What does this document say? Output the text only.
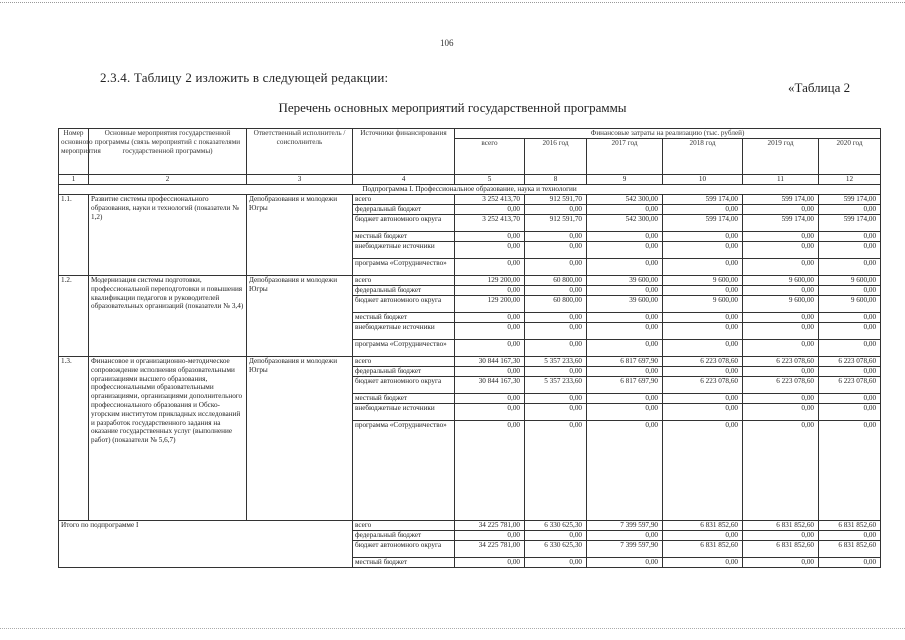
106
2.3.4. Таблицу 2 изложить в следующей редакции:
«Таблица 2
Перечень основных мероприятий государственной программы
Номер основного мероприятия	Основные мероприятия государственной программы (связь мероприятий с показателями государственной программы)	Ответственный исполнитель / соисполнитель	Источники финансирования	Финансовые затраты на реализацию (тыс. рублей)					
				всего	2016 год	2017 год	2018 год	2019 год	2020 год
1	2	3	4	5	8	9	10	11	12
Подпрограмма I. Профессиональное образование, наука и технологии									
1.1.	Развитие системы профессионального образования, науки и технологий (показатели № 1,2)	Депобразования и молодежи Югры	всего	3 252 413,70	912 591,70	542 300,00	599 174,00	599 174,00	599 174,00
			федеральный бюджет	0,00	0,00	0,00	0,00	0,00	0,00
			бюджет автономного округа	3 252 413,70	912 591,70	542 300,00	599 174,00	599 174,00	599 174,00
			местный бюджет	0,00	0,00	0,00	0,00	0,00	0,00
			внебюджетные источники	0,00	0,00	0,00	0,00	0,00	0,00
			программа «Сотрудничество»	0,00	0,00	0,00	0,00	0,00	0,00
1.2.	Модернизация системы подготовки, профессиональной переподготовки и повышения квалификации педагогов и руководителей образовательных организаций (показатели № 3,4)	Депобразования и молодежи Югры	всего	129 200,00	60 800,00	39 600,00	9 600,00	9 600,00	9 600,00
			федеральный бюджет	0,00	0,00	0,00	0,00	0,00	0,00
			бюджет автономного округа	129 200,00	60 800,00	39 600,00	9 600,00	9 600,00	9 600,00
			местный бюджет	0,00	0,00	0,00	0,00	0,00	0,00
			внебюджетные источники	0,00	0,00	0,00	0,00	0,00	0,00
			программа «Сотрудничество»	0,00	0,00	0,00	0,00	0,00	0,00
1.3.	Финансовое и организационно-методическое сопровождение исполнения образовательными организациями высшего образования, профессиональными образовательными организациями, организациями дополнительного профессионального образования и Обско-угорским институтом прикладных исследований и разработок государственного задания на оказание государственных услуг (выполнение работ) (показатели № 5,6,7)	Депобразования и молодежи Югры	всего	30 844 167,30	5 357 233,60	6 817 697,90	6 223 078,60	6 223 078,60	6 223 078,60
			федеральный бюджет	0,00	0,00	0,00	0,00	0,00	0,00
			бюджет автономного округа	30 844 167,30	5 357 233,60	6 817 697,90	6 223 078,60	6 223 078,60	6 223 078,60
			местный бюджет	0,00	0,00	0,00	0,00	0,00	0,00
			внебюджетные источники	0,00	0,00	0,00	0,00	0,00	0,00
			программа «Сотрудничество»	0,00	0,00	0,00	0,00	0,00	0,00
Итого по подпрограмме I			всего	34 225 781,00	6 330 625,30	7 399 597,90	6 831 852,60	6 831 852,60	6 831 852,60
			федеральный бюджет	0,00	0,00	0,00	0,00	0,00	0,00
			бюджет автономного округа	34 225 781,00	6 330 625,30	7 399 597,90	6 831 852,60	6 831 852,60	6 831 852,60
			местный бюджет	0,00	0,00	0,00	0,00	0,00	0,00
